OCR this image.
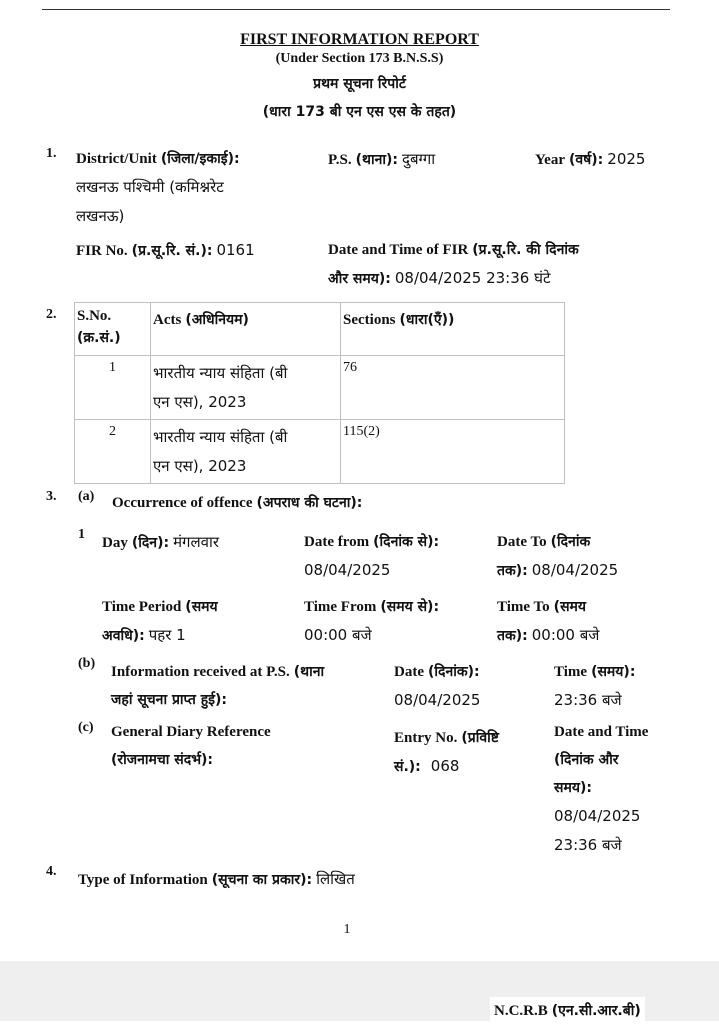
FIRST INFORMATION REPORT
(Under Section 173 B.N.S.S)
प्रथम सूचना रिपोर्ट
(धारा 173 बी एन एस एस के तहत)
1. District/Unit (जिला/इकाई):
लखनऊ पश्चिमी (कमिश्नरेट
लखनऊ)
P.S. (थाना): दुबग्गा	Year (वर्ष): 2025
FIR No. (प्र.सू.रि. सं.): 0161	Date and Time of FIR (प्र.सू.रि. की दिनांक
और समय): 08/04/2025 23:36 घंटे
2. S.No.
(क्र.सं.)	Acts (अधिनियम)	Sections (धारा(एँ))
1	भारतीय न्याय संहिता (बी
एन एस), 2023	76
2	भारतीय न्याय संहिता (बी
एन एस), 2023	115(2)
3. (a) Occurrence of offence (अपराध की घटना):
1
Day (दिन): मंगलवार	Date from (दिनांक से):
08/04/2025
Date To (दिनांक
तक): 08/04/2025
Time Period (समय
अवधि): पहर 1
Time From (समय से):
00:00 बजे
Time To (समय
तक): 00:00 बजे
(b)
Information received at P.S. (थाना
जहां सूचना प्राप्त हुई):
Date (दिनांक):
08/04/2025
Time (समय):
23:36 बजे
(c) General Diary Reference
(रोजनामचा संदर्भ):
Entry No. (प्रविष्टि
सं.): 068
Date and Time
(दिनांक और
समय):
08/04/2025
23:36 बजे
4.
Type of Information (सूचना का प्रकार): लिखित
1
N.C.R.B (एन.सी.आर.बी)
